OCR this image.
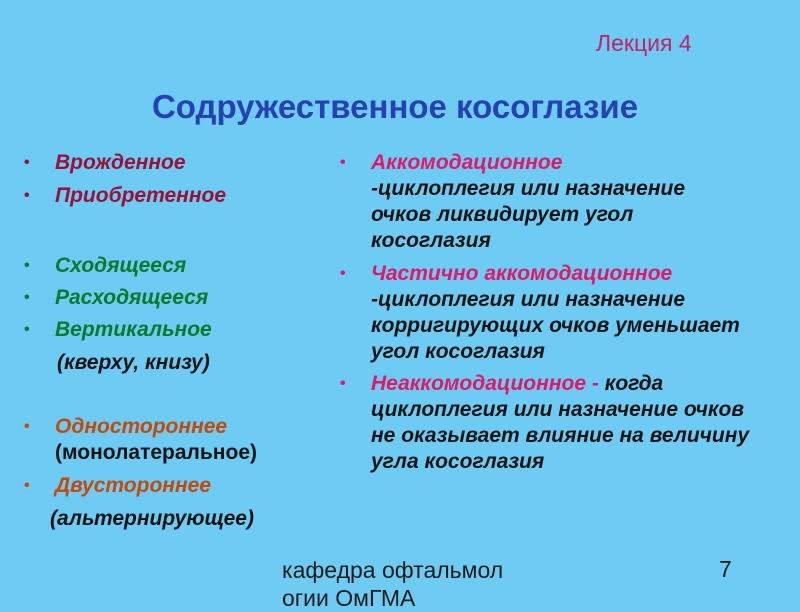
Лекция 4
Содружественное косоглазие
• Врожденное
• Приобретенное
• Сходящееся
• Расходящееся
• Вертикальное
(кверху, книзу)
• Одностороннее
(монолатеральное)
• Двустороннее
(альтернирующее)
• Аккомодационное
-циклоплегия или назначение очков ликвидирует угол косоглазия
• Частично аккомодационное
-циклоплегия или назначение корригирующих очков уменьшает угол косоглазия
• Неаккомодационное - когда циклоплегия или назначение очков не оказывает влияние на величину угла косоглазия
кафедра офтальмол
огии ОмГМА
7
